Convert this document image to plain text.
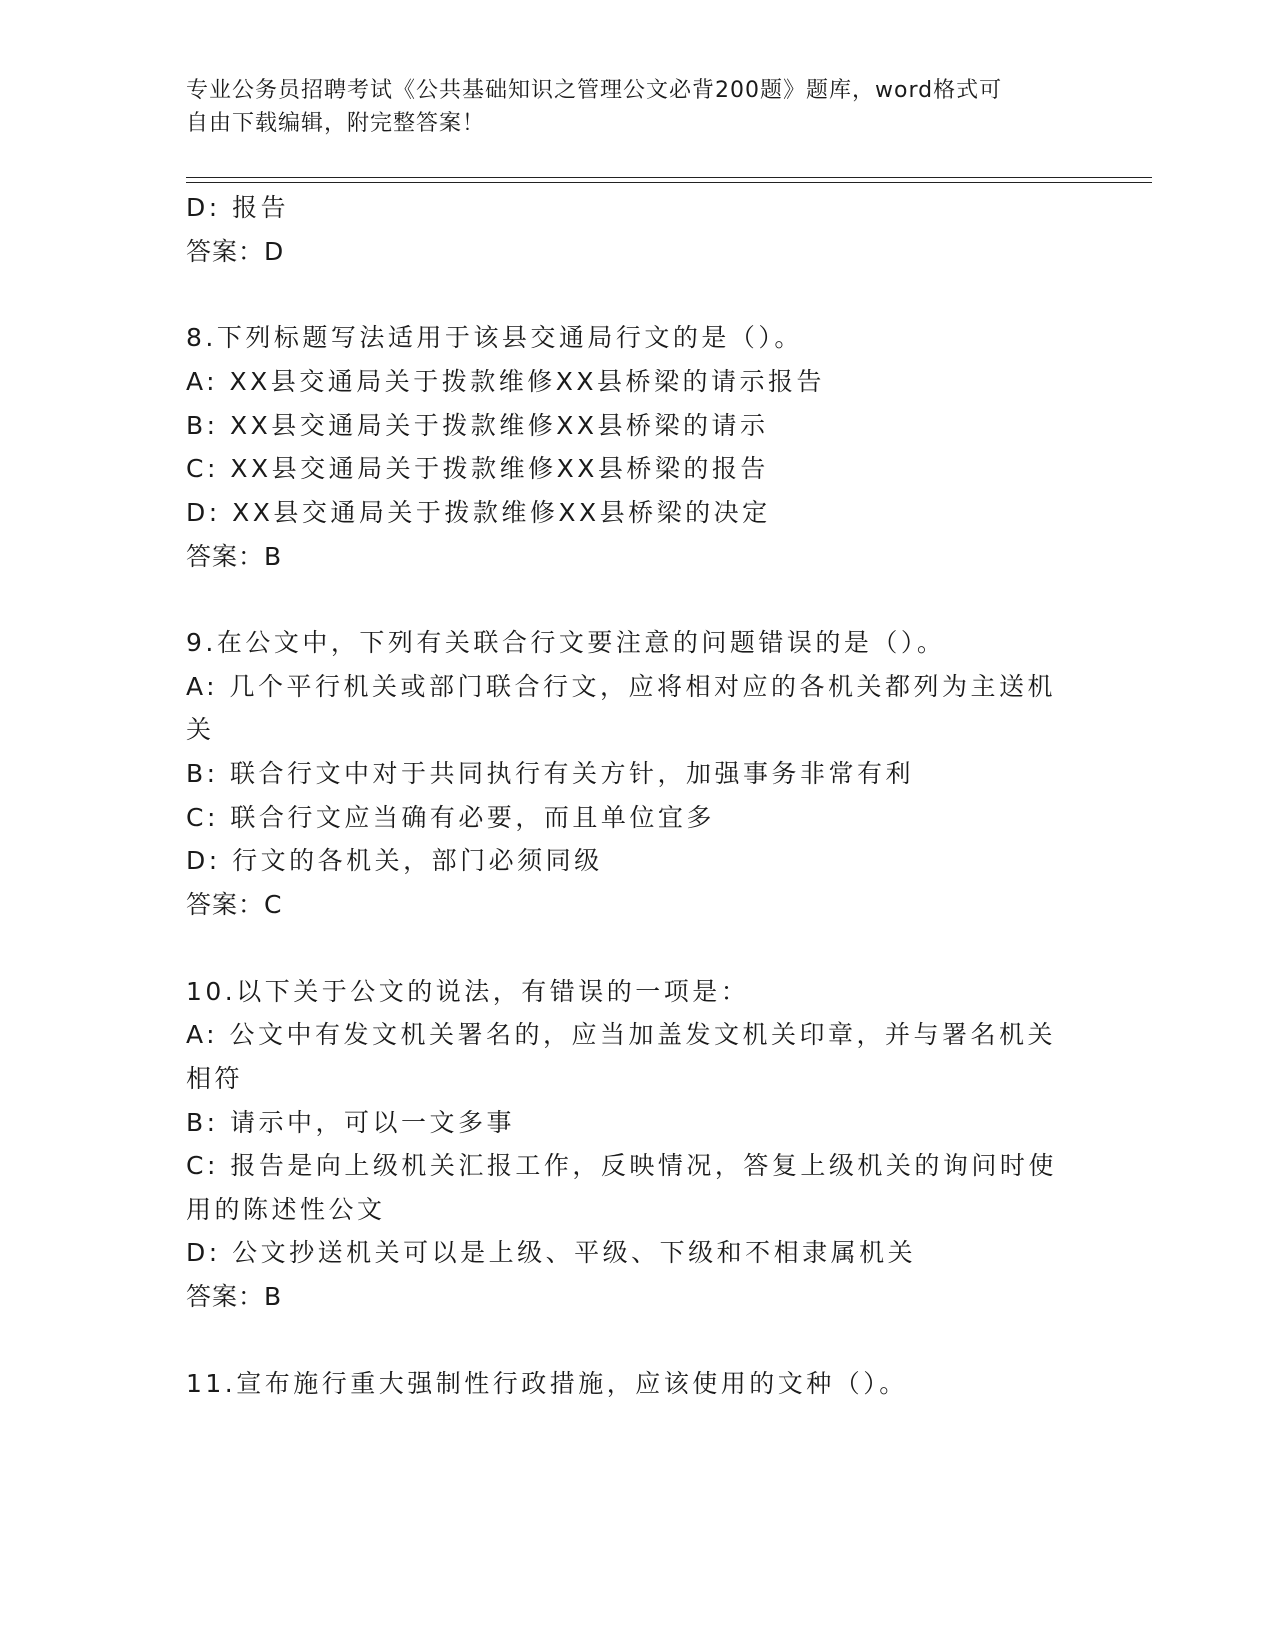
专业公务员招聘考试《公共基础知识之管理公文必背200题》题库，word格式可
自由下载编辑，附完整答案！
D: 报告
答案：D
8.下列标题写法适用于该县交通局行文的是（）。
A: XX县交通局关于拨款维修XX县桥梁的请示报告
B: XX县交通局关于拨款维修XX县桥梁的请示
C: XX县交通局关于拨款维修XX县桥梁的报告
D: XX县交通局关于拨款维修XX县桥梁的决定
答案：B
9.在公文中，下列有关联合行文要注意的问题错误的是（）。
A: 几个平行机关或部门联合行文，应将相对应的各机关都列为主送机
关
B: 联合行文中对于共同执行有关方针，加强事务非常有利
C: 联合行文应当确有必要，而且单位宜多
D: 行文的各机关，部门必须同级
答案：C
10.以下关于公文的说法，有错误的一项是：
A: 公文中有发文机关署名的，应当加盖发文机关印章，并与署名机关
相符
B: 请示中，可以一文多事
C: 报告是向上级机关汇报工作，反映情况，答复上级机关的询问时使
用的陈述性公文
D: 公文抄送机关可以是上级、平级、下级和不相隶属机关
答案：B
11.宣布施行重大强制性行政措施，应该使用的文种（）。
